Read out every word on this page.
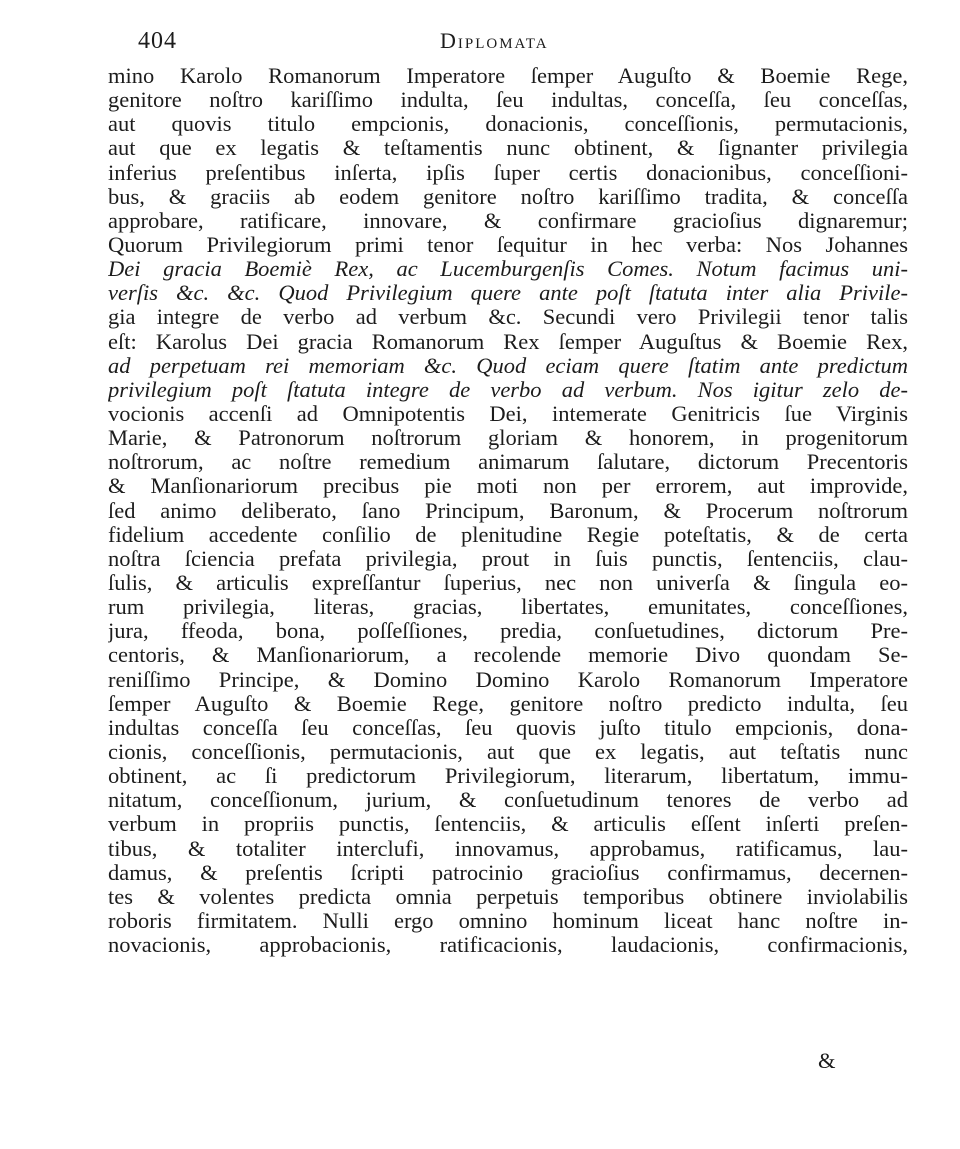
404	Diplomata
mino Karolo Romanorum Imperatore ſemper Auguſto & Boemie Rege,
genitore noſtro kariſſimo indulta, ſeu indultas, conceſſa, ſeu conceſſas,
aut quovis titulo empcionis, donacionis, conceſſionis, permutacionis,
aut que ex legatis & teſtamentis nunc obtinent, & ſignanter privilegia
inferius preſentibus inſerta, ipſis ſuper certis donacionibus, conceſſioni-
bus, & graciis ab eodem genitore noſtro kariſſimo tradita, & conceſſa
approbare, ratificare, innovare, & confirmare gracioſius dignaremur;
Quorum Privilegiorum primi tenor ſequitur in hec verba: Nos Johannes
Dei gracia Boemiè Rex, ac Lucemburgenſis Comes. Notum facimus uni-
verſis &c. &c. Quod Privilegium quere ante poſt ſtatuta inter alia Privile-
gia integre de verbo ad verbum &c. Secundi vero Privilegii tenor talis
eſt: Karolus Dei gracia Romanorum Rex ſemper Auguſtus & Boemie Rex,
ad perpetuam rei memoriam &c. Quod eciam quere ſtatim ante predictum
privilegium poſt ſtatuta integre de verbo ad verbum. Nos igitur zelo de-
vocionis accenſi ad Omnipotentis Dei, intemerate Genitricis ſue Virginis
Marie, & Patronorum noſtrorum gloriam & honorem, in progenitorum
noſtrorum, ac noſtre remedium animarum ſalutare, dictorum Precentoris
& Manſionariorum precibus pie moti non per errorem, aut improvide,
ſed animo deliberato, ſano Principum, Baronum, & Procerum noſtrorum
fidelium accedente conſilio de plenitudine Regie poteſtatis, & de certa
noſtra ſciencia prefata privilegia, prout in ſuis punctis, ſentenciis, clau-
ſulis, & articulis expreſſantur ſuperius, nec non univerſa & ſingula eo-
rum privilegia, literas, gracias, libertates, emunitates, conceſſiones,
jura, ffeoda, bona, poſſeſſiones, predia, conſuetudines, dictorum Pre-
centoris, & Manſionariorum, a recolende memorie Divo quondam Se-
reniſſimo Principe, & Domino Domino Karolo Romanorum Imperatore
ſemper Auguſto & Boemie Rege, genitore noſtro predicto indulta, ſeu
indultas conceſſa ſeu conceſſas, ſeu quovis juſto titulo empcionis, dona-
cionis, conceſſionis, permutacionis, aut que ex legatis, aut teſtatis nunc
obtinent, ac ſi predictorum Privilegiorum, literarum, libertatum, immu-
nitatum, conceſſionum, jurium, & conſuetudinum tenores de verbo ad
verbum in propriis punctis, ſentenciis, & articulis eſſent inſerti preſen-
tibus, & totaliter interclufi, innovamus, approbamus, ratificamus, lau-
damus, & preſentis ſcripti patrocinio gracioſius confirmamus, decernen-
tes & volentes predicta omnia perpetuis temporibus obtinere inviolabilis
roboris firmitatem. Nulli ergo omnino hominum liceat hanc noſtre in-
novacionis, approbacionis, ratificacionis, laudacionis, confirmacionis,
&
